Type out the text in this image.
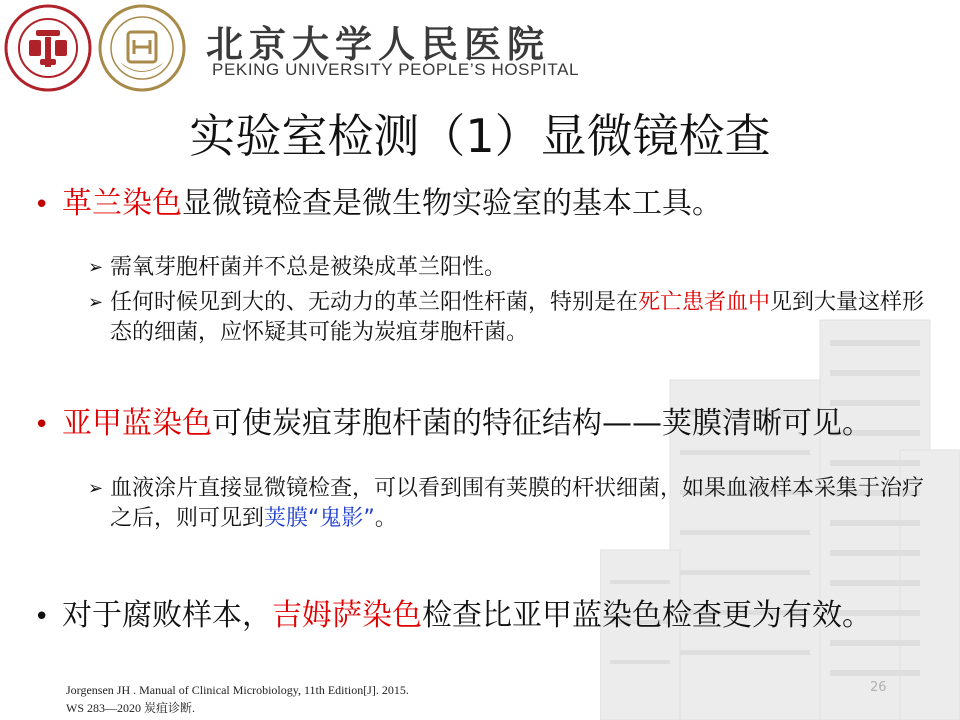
北京大学人民医院
PEKING UNIVERSITY PEOPLE’S HOSPITAL
实验室检测（1）显微镜检查
• 革兰染色显微镜检查是微生物实验室的基本工具。
➢ 需氧芽胞杆菌并不总是被染成革兰阳性。
➢ 任何时候见到大的、无动力的革兰阳性杆菌，特别是在死亡患者血中见到大量这样形态的细菌，应怀疑其可能为炭疽芽胞杆菌。
• 亚甲蓝染色可使炭疽芽胞杆菌的特征结构——荚膜清晰可见。
➢ 血液涂片直接显微镜检查，可以看到围有荚膜的杆状细菌，如果血液样本采集于治疗之后，则可见到荚膜“鬼影”。
• 对于腐败样本，吉姆萨染色检查比亚甲蓝染色检查更为有效。
Jorgensen JH . Manual of Clinical Microbiology, 11th Edition[J]. 2015.
WS 283—2020 炭疽诊断.
26
